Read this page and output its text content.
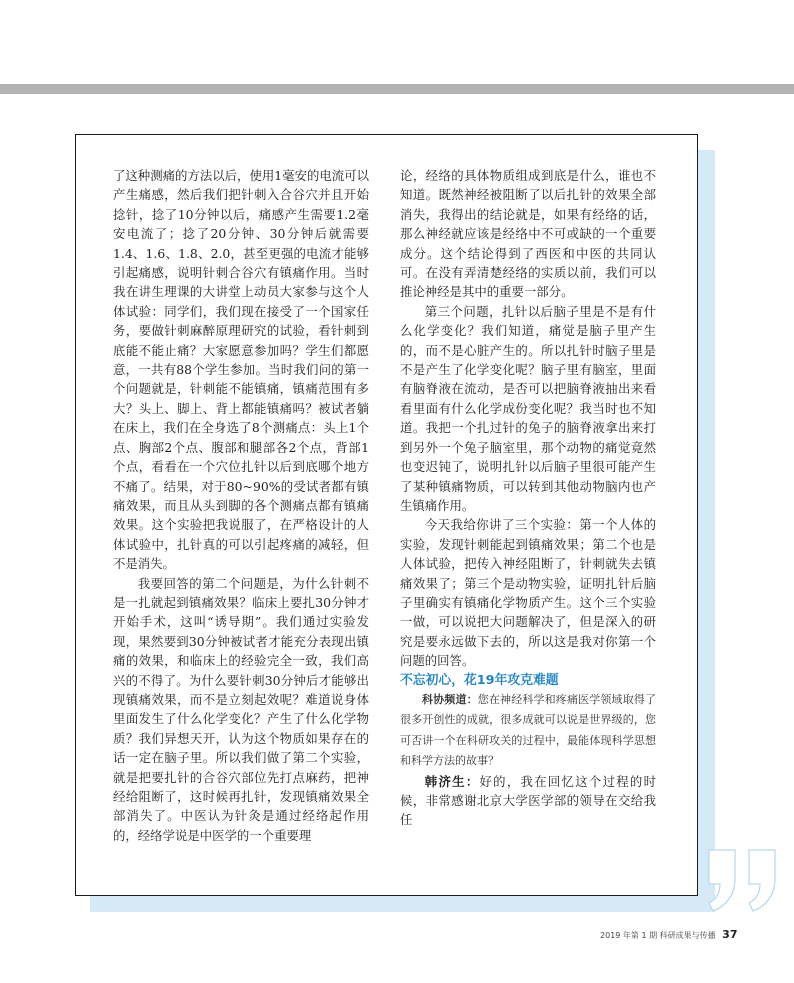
了这种测痛的方法以后，使用1毫安的电流可以产生痛感，然后我们把针刺入合谷穴并且开始捻针，捻了10分钟以后，痛感产生需要1.2毫安电流了；捻了20分钟、30分钟后就需要1.4、1.6、1.8、2.0，甚至更强的电流才能够引起痛感，说明针刺合谷穴有镇痛作用。当时我在讲生理课的大讲堂上动员大家参与这个人体试验：同学们，我们现在接受了一个国家任务，要做针刺麻醉原理研究的试验，看针刺到底能不能止痛？大家愿意参加吗？学生们都愿意，一共有88个学生参加。当时我们问的第一个问题就是，针刺能不能镇痛，镇痛范围有多大？头上、脚上、背上都能镇痛吗？被试者躺在床上，我们在全身选了8个测痛点：头上1个点、胸部2个点、腹部和腿部各2个点，背部1个点，看看在一个穴位扎针以后到底哪个地方不痛了。结果，对于80~90%的受试者都有镇痛效果，而且从头到脚的各个测痛点都有镇痛效果。这个实验把我说服了，在严格设计的人体试验中，扎针真的可以引起疼痛的减轻，但不是消失。

我要回答的第二个问题是，为什么针刺不是一扎就起到镇痛效果？临床上要扎30分钟才开始手术，这叫“诱导期”。我们通过实验发现，果然要到30分钟被试者才能充分表现出镇痛的效果，和临床上的经验完全一致，我们高兴的不得了。为什么要针刺30分钟后才能够出现镇痛效果，而不是立刻起效呢？难道说身体里面发生了什么化学变化？产生了什么化学物质？我们异想天开，认为这个物质如果存在的话一定在脑子里。所以我们做了第二个实验，就是把要扎针的合谷穴部位先打点麻药，把神经给阻断了，这时候再扎针，发现镇痛效果全部消失了。中医认为针灸是通过经络起作用的，经络学说是中医学的一个重要理

论，经络的具体物质组成到底是什么，谁也不知道。既然神经被阻断了以后扎针的效果全部消失，我得出的结论就是，如果有经络的话，那么神经就应该是经络中不可或缺的一个重要成分。这个结论得到了西医和中医的共同认可。在没有弄清楚经络的实质以前，我们可以推论神经是其中的重要一部分。

第三个问题，扎针以后脑子里是不是有什么化学变化？我们知道，痛觉是脑子里产生的，而不是心脏产生的。所以扎针时脑子里是不是产生了化学变化呢？脑子里有脑室，里面有脑脊液在流动，是否可以把脑脊液抽出来看看里面有什么化学成份变化呢？我当时也不知道。我把一个扎过针的兔子的脑脊液拿出来打到另外一个兔子脑室里，那个动物的痛觉竟然也变迟钝了，说明扎针以后脑子里很可能产生了某种镇痛物质，可以转到其他动物脑内也产生镇痛作用。

今天我给你讲了三个实验：第一个人体的实验，发现针刺能起到镇痛效果；第二个也是人体试验，把传入神经阻断了，针刺就失去镇痛效果了；第三个是动物实验，证明扎针后脑子里确实有镇痛化学物质产生。这个三个实验一做，可以说把大问题解决了，但是深入的研究是要永远做下去的，所以这是我对你第一个问题的回答。

不忘初心，花19年攻克难题

科协频道：您在神经科学和疼痛医学领域取得了很多开创性的成就，很多成就可以说是世界级的，您可否讲一个在科研攻关的过程中，最能体现科学思想和科学方法的故事？

韩济生：好的，我在回忆这个过程的时候，非常感谢北京大学医学部的领导在交给我任

2019 年第 1 期 科研成果与传播 37
